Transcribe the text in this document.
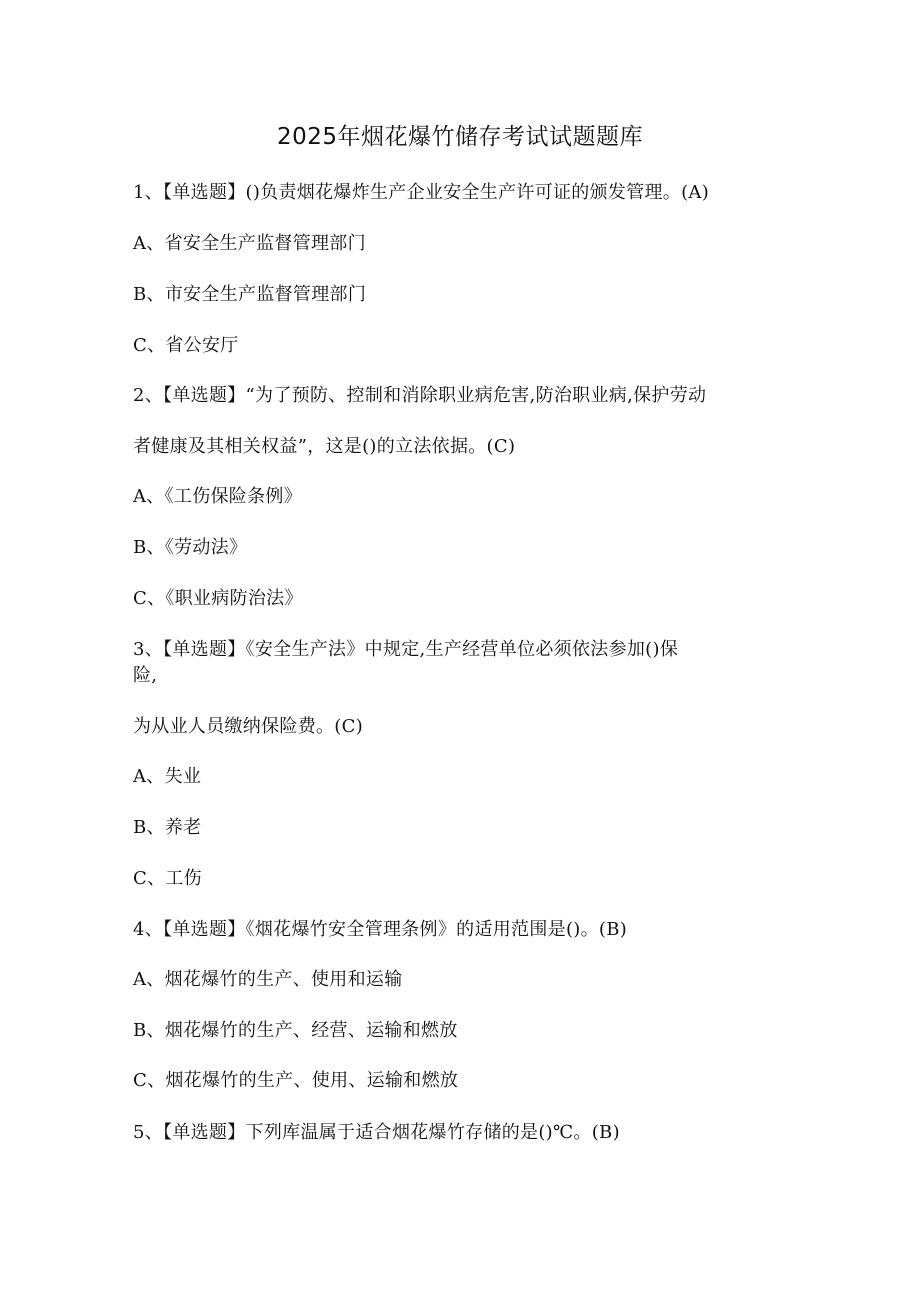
2025年烟花爆竹储存考试试题题库
1、【单选题】()负责烟花爆炸生产企业安全生产许可证的颁发管理。(A)
A、省安全生产监督管理部门
B、市安全生产监督管理部门
C、省公安厅
2、【单选题】“为了预防、控制和消除职业病危害,防治职业病,保护劳动
者健康及其相关权益”，这是()的立法依据。(C)
A、《工伤保险条例》
B、《劳动法》
C、《职业病防治法》
3、【单选题】《安全生产法》中规定,生产经营单位必须依法参加()保
险,
为从业人员缴纳保险费。(C)
A、失业
B、养老
C、工伤
4、【单选题】《烟花爆竹安全管理条例》的适用范围是()。(B)
A、烟花爆竹的生产、使用和运输
B、烟花爆竹的生产、经营、运输和燃放
C、烟花爆竹的生产、使用、运输和燃放
5、【单选题】下列库温属于适合烟花爆竹存储的是()℃。(B)
